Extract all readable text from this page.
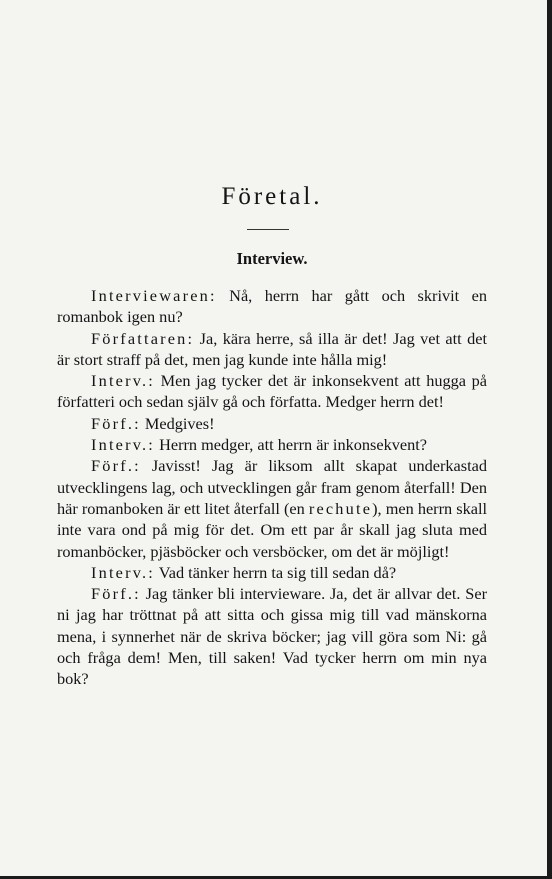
Företal.
Interview.

Interviewaren: Nå, herrn har gått och skrivit en romanbok igen nu?

Författaren: Ja, kära herre, så illa är det! Jag vet att det är stort straff på det, men jag kunde inte hålla mig!

Interv.: Men jag tycker det är inkonsekvent att hugga på författeri och sedan själv gå och författa. Medger herrn det!

Förf.: Medgives!

Interv.: Herrn medger, att herrn är inkonsekvent?

Förf.: Javisst! Jag är liksom allt skapat underkastad utvecklingens lag, och utvecklingen går fram genom återfall! Den här romanboken är ett litet återfall (en rechute), men herrn skall inte vara ond på mig för det. Om ett par år skall jag sluta med romanböcker, pjäsböcker och versböcker, om det är möjligt!

Interv.: Vad tänker herrn ta sig till sedan då?

Förf.: Jag tänker bli intervieware. Ja, det är allvar det. Ser ni jag har tröttnat på att sitta och gissa mig till vad mänskorna mena, i synnerhet när de skriva böcker; jag vill göra som Ni: gå och fråga dem! Men, till saken! Vad tycker herrn om min nya bok?
